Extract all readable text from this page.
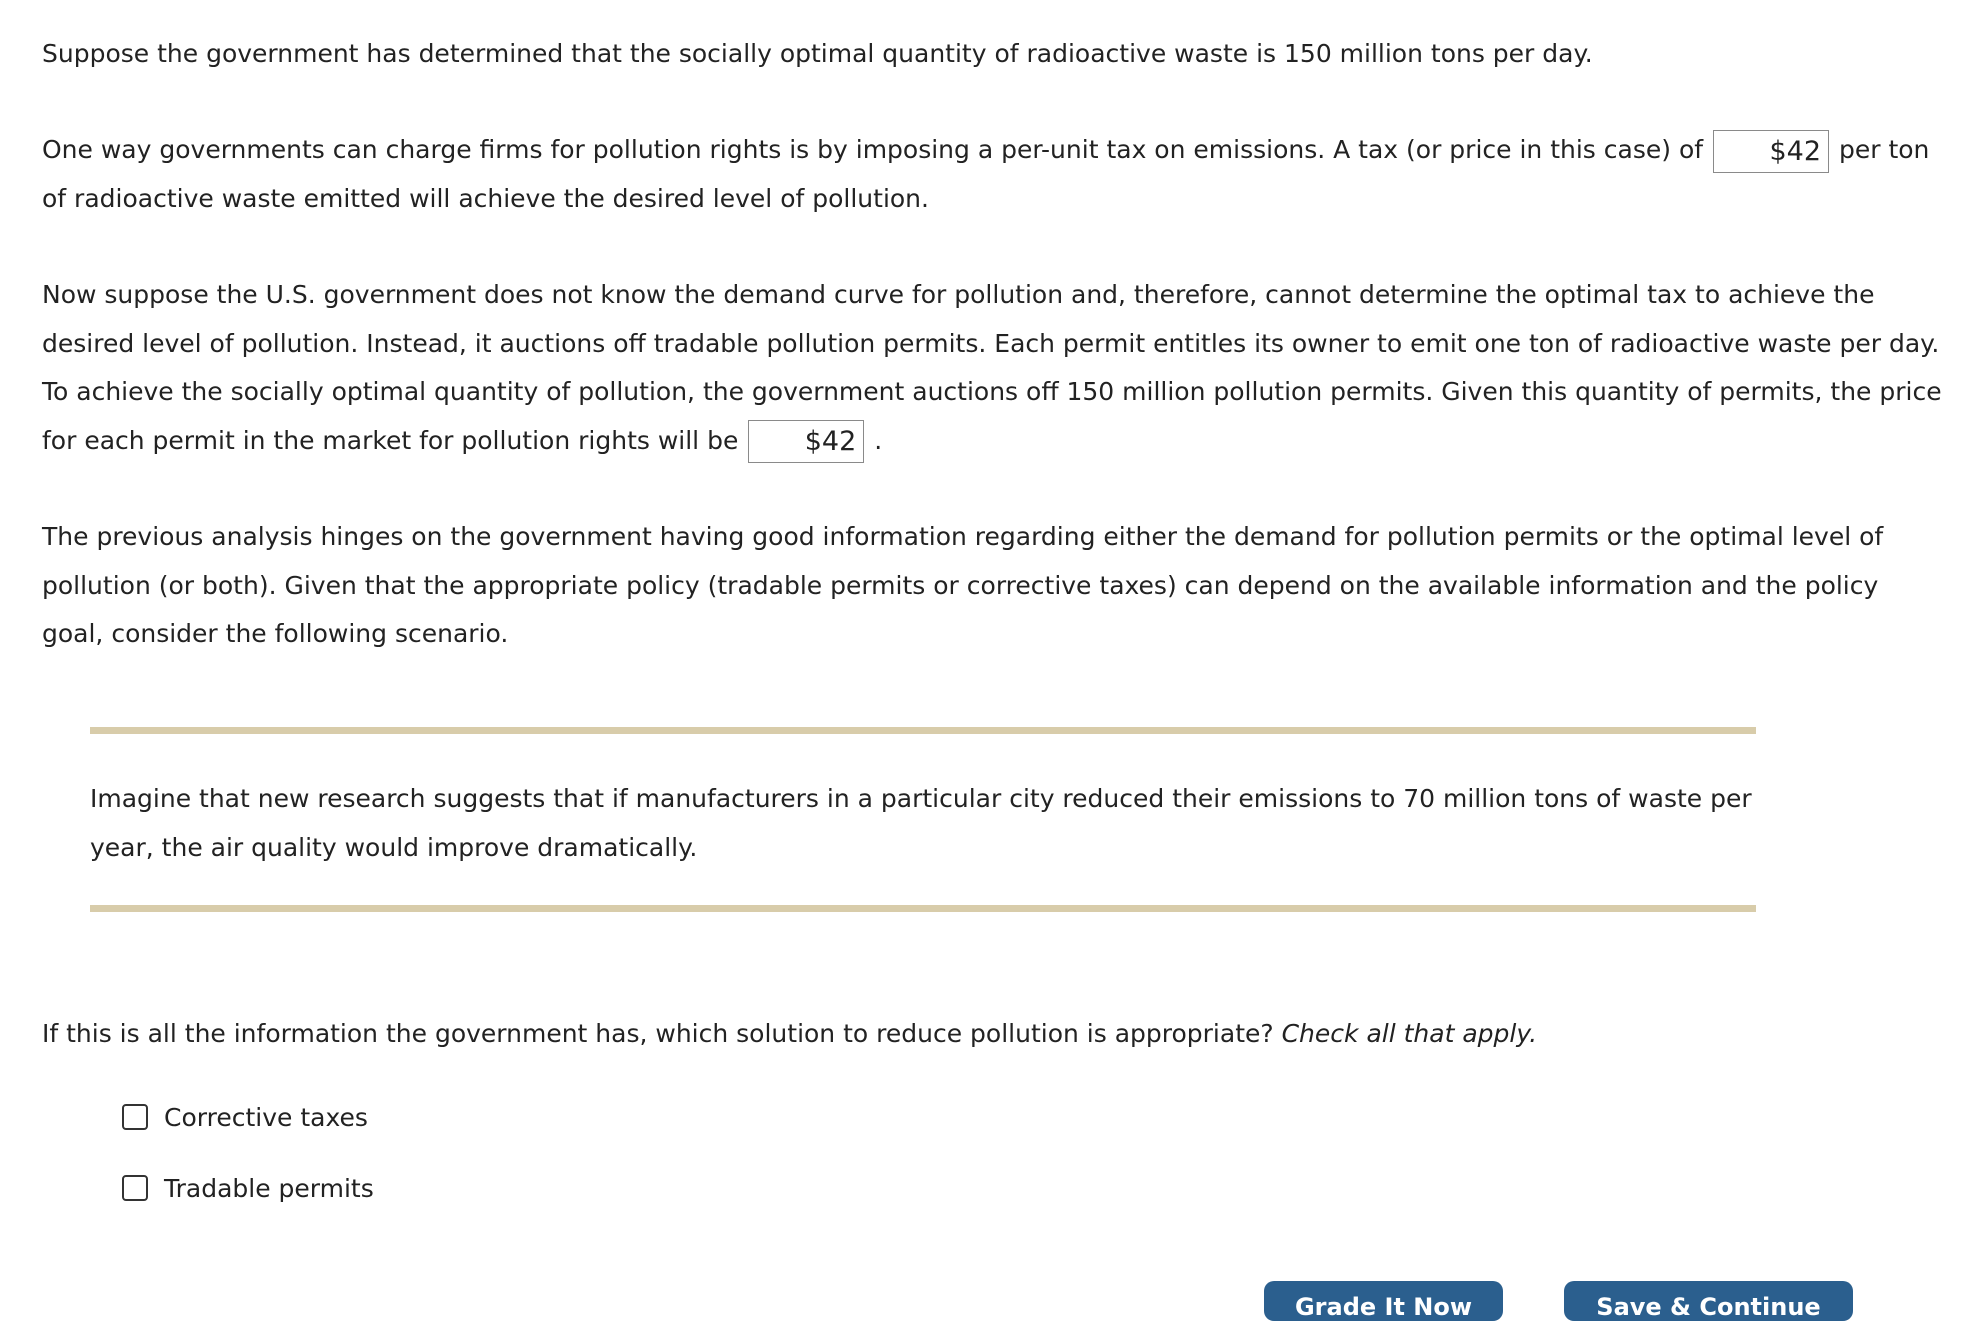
Suppose the government has determined that the socially optimal quantity of radioactive waste is 150 million tons per day.

One way governments can charge firms for pollution rights is by imposing a per-unit tax on emissions. A tax (or price in this case) of $42 per ton of radioactive waste emitted will achieve the desired level of pollution.

Now suppose the U.S. government does not know the demand curve for pollution and, therefore, cannot determine the optimal tax to achieve the desired level of pollution. Instead, it auctions off tradable pollution permits. Each permit entitles its owner to emit one ton of radioactive waste per day. To achieve the socially optimal quantity of pollution, the government auctions off 150 million pollution permits. Given this quantity of permits, the price for each permit in the market for pollution rights will be $42 .

The previous analysis hinges on the government having good information regarding either the demand for pollution permits or the optimal level of pollution (or both). Given that the appropriate policy (tradable permits or corrective taxes) can depend on the available information and the policy goal, consider the following scenario.

Imagine that new research suggests that if manufacturers in a particular city reduced their emissions to 70 million tons of waste per year, the air quality would improve dramatically.

If this is all the information the government has, which solution to reduce pollution is appropriate? Check all that apply.

Corrective taxes
Tradable permits
Grade It Now	Save & Continue
